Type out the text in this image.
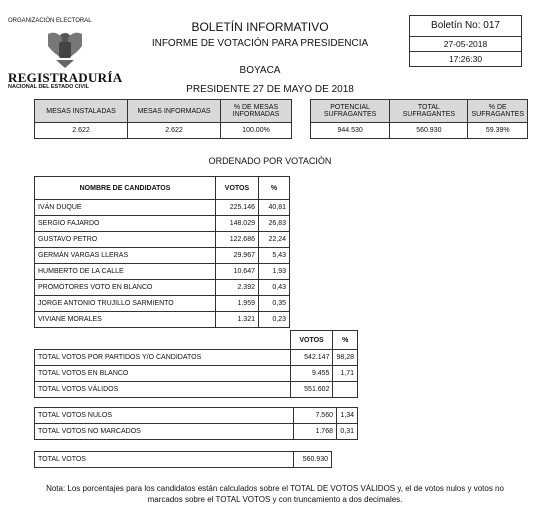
ORGANIZACIÓN ELECTORAL
REGISTRADURÍA
NACIONAL DEL ESTADO CIVIL
BOLETÍN INFORMATIVO
INFORME DE VOTACIÓN PARA PRESIDENCIA
BOYACA
PRESIDENTE 27 DE MAYO DE 2018
Boletín No: 017
27-05-2018
17:26:30
MESAS INSTALADAS	MESAS INFORMADAS	% DE MESAS INFORMADAS
2.622	2.622	100.00%
POTENCIAL SUFRAGANTES	TOTAL SUFRAGANTES	% DE SUFRAGANTES
944.530	560.930	59.39%
ORDENADO POR VOTACIÓN
NOMBRE DE CANDIDATOS	VOTOS	%
IVÁN DUQUE	225.146	40,81
SERGIO FAJARDO	148.029	26,83
GUSTAVO PETRO	122.686	22,24
GERMÁN VARGAS LLERAS	29.967	5,43
HUMBERTO DE LA CALLE	10.647	1,93
PROMOTORES VOTO EN BLANCO	2.392	0,43
JORGE ANTONIO TRUJILLO SARMIENTO	1.959	0,35
VIVIANE MORALES	1.321	0,23
	VOTOS	%
TOTAL VOTOS POR PARTIDOS Y/O CANDIDATOS	542.147	98,28
TOTAL VOTOS EN BLANCO	9.455	1,71
TOTAL VOTOS VÁLIDOS	551.602	
TOTAL VOTOS NULOS	7.560	1,34
TOTAL VOTOS NO MARCADOS	1.768	0,31
TOTAL VOTOS	560.930
Nota: Los porcentajes para los candidatos están calculados sobre el TOTAL DE VOTOS VÁLIDOS y, el de votos nulos y votos no marcados sobre el TOTAL VOTOS y con truncamiento a dos decimales.
